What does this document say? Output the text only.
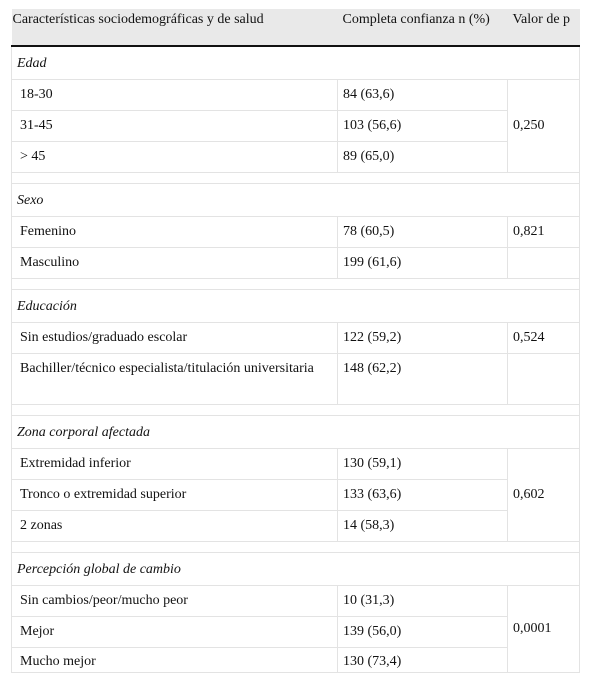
Características sociodemográficas y de salud	Completa confianza n (%)	Valor de p
Edad		
18-30	84 (63,6)	0,250
31-45	103 (56,6)	
> 45	89 (65,0)	

Sexo		
Femenino	78 (60,5)	0,821
Masculino	199 (61,6)	

Educación		
Sin estudios/graduado escolar	122 (59,2)	0,524
Bachiller/técnico especialista/titulación universitaria	148 (62,2)	

Zona corporal afectada		
Extremidad inferior	130 (59,1)	0,602
Tronco o extremidad superior	133 (63,6)	
2 zonas	14 (58,3)	

Percepción global de cambio		
Sin cambios/peor/mucho peor	10 (31,3)	0,0001
Mejor	139 (56,0)	
Mucho mejor	130 (73,4)	
